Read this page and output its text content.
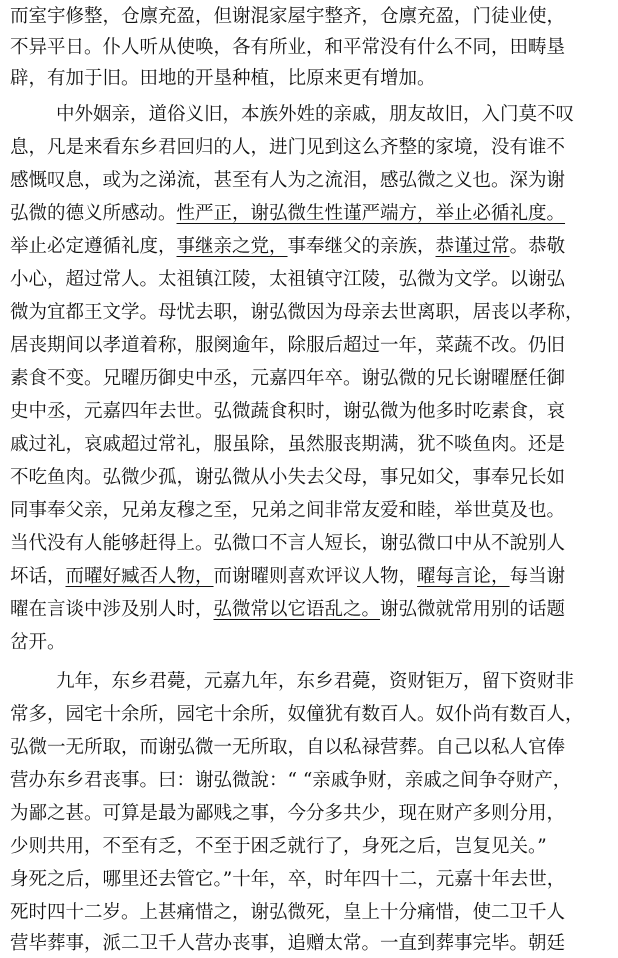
而室宇修整，仓廪充盈，但谢混家屋宇整齐，仓廪充盈，门徒业使，
不异平日。仆人听从使唤，各有所业，和平常没有什么不同，田畴垦
辟，有加于旧。田地的开垦种植，比原来更有增加。
中外姻亲，道俗义旧，本族外姓的亲戚，朋友故旧，入门莫不叹
息，凡是来看东乡君回归的人，进门见到这么齐整的家境，没有谁不
感慨叹息，或为之涕流，甚至有人为之流泪，感弘微之义也。深为谢
弘微的德义所感动。性严正，谢弘微生性谨严端方，举止必循礼度。
举止必定遵循礼度，事继亲之党，事奉继父的亲族，恭谨过常。恭敬
小心，超过常人。太祖镇江陵，太祖镇守江陵，弘微为文学。以谢弘
微为宜都王文学。母忧去职，谢弘微因为母亲去世离职，居丧以孝称，
居丧期间以孝道着称，服阕逾年，除服后超过一年，菜蔬不改。仍旧
素食不变。兄曜历御史中丞，元嘉四年卒。谢弘微的兄长谢曜歷任御
史中丞，元嘉四年去世。弘微蔬食积时，谢弘微为他多时吃素食，哀
戚过礼，哀戚超过常礼，服虽除，虽然服丧期满，犹不啖鱼肉。还是
不吃鱼肉。弘微少孤，谢弘微从小失去父母，事兄如父，事奉兄长如
同事奉父亲，兄弟友穆之至，兄弟之间非常友爱和睦，举世莫及也。
当代没有人能够赶得上。弘微口不言人短长，谢弘微口中从不說别人
坏话，而曜好臧否人物，而谢曜则喜欢评议人物，曜每言论，每当谢
曜在言谈中涉及别人时，弘微常以它语乱之。谢弘微就常用别的话题
岔开。
九年，东乡君薨，元嘉九年，东乡君薨，资财钜万，留下资财非
常多，园宅十余所，园宅十余所，奴僮犹有数百人。奴仆尚有数百人，
弘微一无所取，而谢弘微一无所取，自以私禄营葬。自己以私人官俸
营办东乡君丧事。曰：谢弘微說：“ “亲戚争财，亲戚之间争夺财产，
为鄙之甚。可算是最为鄙贱之事，今分多共少，现在财产多则分用，
少则共用，不至有乏，不至于困乏就行了，身死之后，岂复见关。”
身死之后，哪里还去管它。”十年，卒，时年四十二，元嘉十年去世，
死时四十二岁。上甚痛惜之，谢弘微死，皇上十分痛惜，使二卫千人
营毕葬事，派二卫千人营办丧事，追赠太常。一直到葬事完毕。朝廷
